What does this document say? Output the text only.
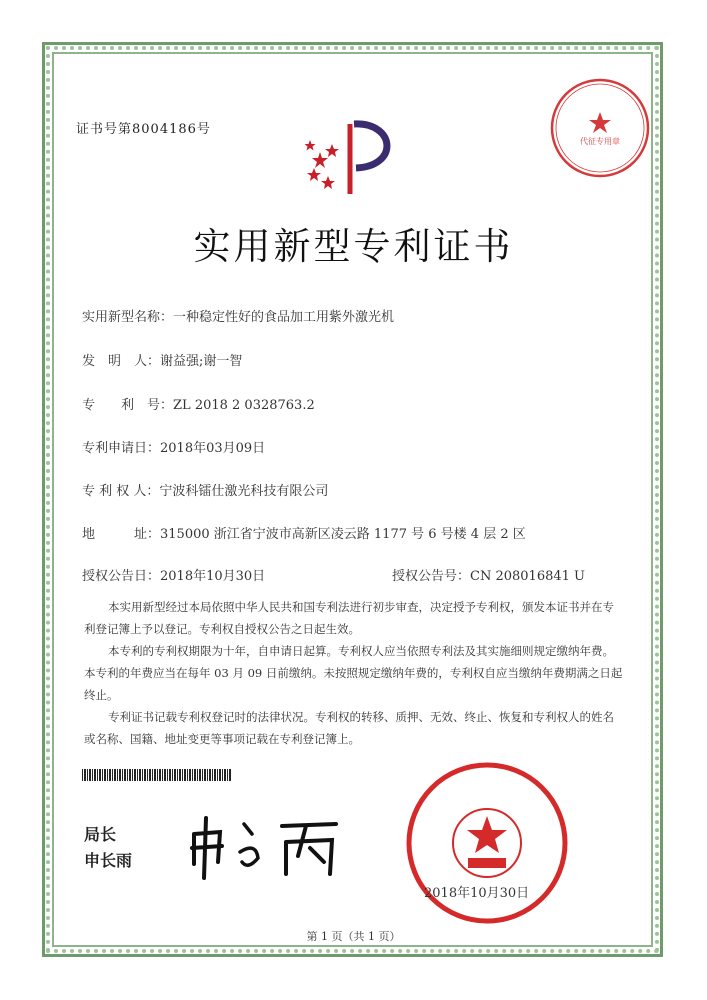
证书号第8004186号
代征专用章
实用新型专利证书
实用新型名称：一种稳定性好的食品加工用紫外激光机
发　明　人：谢益强;谢一智
专　　利　号：ZL 2018 2 0328763.2
专利申请日：2018年03月09日
专 利 权 人：宁波科镭仕激光科技有限公司
地　　　址：315000 浙江省宁波市高新区凌云路 1177 号 6 号楼 4 层 2 区
授权公告日：2018年10月30日	授权公告号：CN 208016841 U

本实用新型经过本局依照中华人民共和国专利法进行初步审查，决定授予专利权，颁发本证书并在专利登记簿上予以登记。专利权自授权公告之日起生效。

本专利的专利权期限为十年，自申请日起算。专利权人应当依照专利法及其实施细则规定缴纳年费。本专利的年费应当在每年 03 月 09 日前缴纳。未按照规定缴纳年费的，专利权自应当缴纳年费期满之日起终止。

专利证书记载专利权登记时的法律状况。专利权的转移、质押、无效、终止、恢复和专利权人的姓名或名称、国籍、地址变更等事项记载在专利登记簿上。

局长
申长雨
2018年10月30日
第 1 页（共 1 页）
